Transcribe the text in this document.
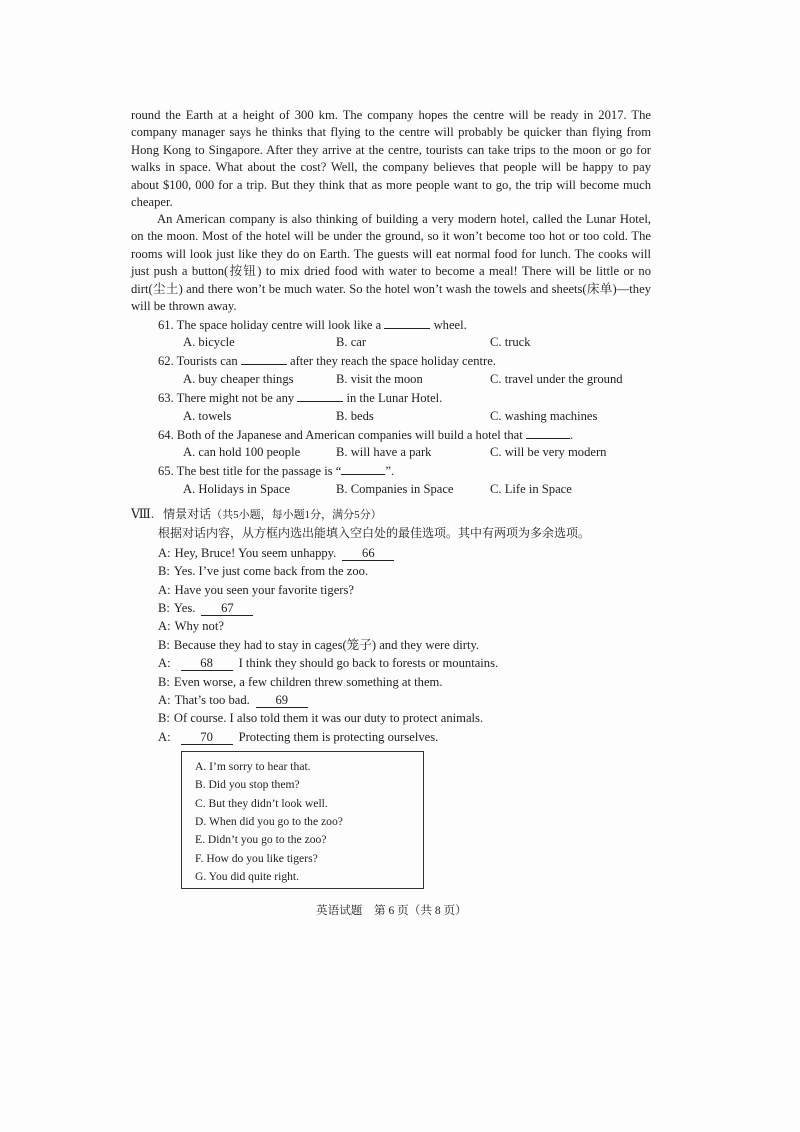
round the Earth at a height of 300 km. The company hopes the centre will be ready in 2017. The company manager says he thinks that flying to the centre will probably be quicker than flying from Hong Kong to Singapore. After they arrive at the centre, tourists can take trips to the moon or go for walks in space. What about the cost? Well, the company believes that people will be happy to pay about $100, 000 for a trip. But they think that as more people want to go, the trip will become much cheaper.
An American company is also thinking of building a very modern hotel, called the Lunar Hotel, on the moon. Most of the hotel will be under the ground, so it won’t become too hot or too cold. The rooms will look just like they do on Earth. The guests will eat normal food for lunch. The cooks will just push a button(按钮) to mix dried food with water to become a meal! There will be little or no dirt(尘土) and there won’t be much water. So the hotel won’t wash the towels and sheets(床单)—they will be thrown away.
61. The space holiday centre will look like a	wheel.
A. bicycle	B. car	C. truck
62. Tourists can	after they reach the space holiday centre.
A. buy cheaper things	B. visit the moon	C. travel under the ground
63. There might not be any	in the Lunar Hotel.
A. towels	B. beds	C. washing machines
64. Both of the Japanese and American companies will build a hotel that	.
A. can hold 100 people	B. will have a park	C. will be very modern
65. The best title for the passage is “	”.
A. Holidays in Space	B. Companies in Space	C. Life in Space
Ⅷ. 情景对话（共5小题，每小题1分，满分5分）
根据对话内容，从方框内选出能填入空白处的最佳选项。其中有两项为多余选项。
A: Hey, Bruce! You seem unhappy. 66
B: Yes. I’ve just come back from the zoo.
A: Have you seen your favorite tigers?
B: Yes. 67
A: Why not?
B: Because they had to stay in cages(笼子) and they were dirty.
A: 68 I think they should go back to forests or mountains.
B: Even worse, a few children threw something at them.
A: That’s too bad. 69
B: Of course. I also told them it was our duty to protect animals.
A: 70 Protecting them is protecting ourselves.
A. I’m sorry to hear that.
B. Did you stop them?
C. But they didn’t look well.
D. When did you go to the zoo?
E. Didn’t you go to the zoo?
F. How do you like tigers?
G. You did quite right.
英语试题　第 6 页（共 8 页）
